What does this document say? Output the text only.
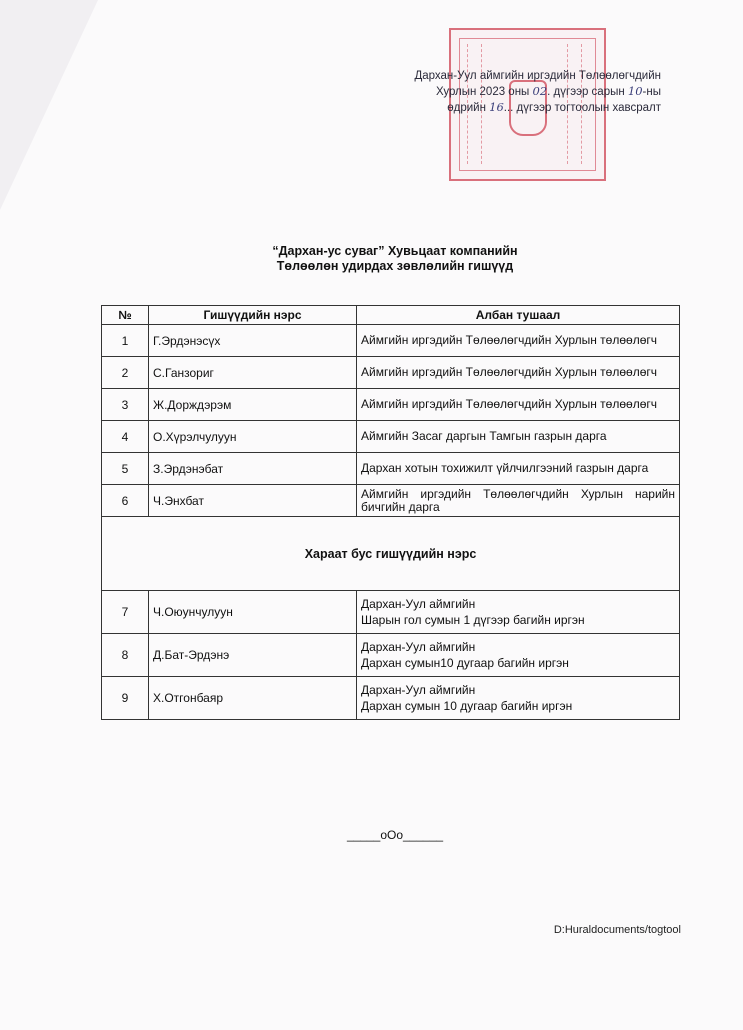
Дархан-Уул аймгийн иргэдийн Төлөөлөгчдийн
Хурлын 2023 оны 02. дүгээр сарын 10-ны
өдрийн 16... дүгээр тогтоолын хавсралт
“Дархан-ус суваг” Хувьцаат компанийн
Төлөөлөн удирдах зөвлөлийн гишүүд
№	Гишүүдийн нэрс	Албан тушаал
1	Г.Эрдэнэсүх	Аймгийн иргэдийн Төлөөлөгчдийн Хурлын төлөөлөгч
2	С.Ганзориг	Аймгийн иргэдийн Төлөөлөгчдийн Хурлын төлөөлөгч
3	Ж.Дорждэрэм	Аймгийн иргэдийн Төлөөлөгчдийн Хурлын төлөөлөгч
4	О.Хүрэлчулуун	Аймгийн Засаг даргын Тамгын газрын дарга
5	З.Эрдэнэбат	Дархан хотын тохижилт үйлчилгээний газрын дарга
6	Ч.Энхбат	Аймгийн иргэдийн Төлөөлөгчдийн Хурлын нарийн бичгийн дарга
Хараат бус гишүүдийн нэрс		
7	Ч.Оюунчулуун	Дархан-Уул аймгийн
Шарын гол сумын 1 дүгээр багийн иргэн

8	Д.Бат-Эрдэнэ	Дархан-Уул аймгийн
Дархан сумын10 дугаар багийн иргэн

9	Х.Отгонбаяр	Дархан-Уул аймгийн
Дархан сумын 10 дугаар багийн иргэн
_____oOo______
D:Huraldocuments/togtool
